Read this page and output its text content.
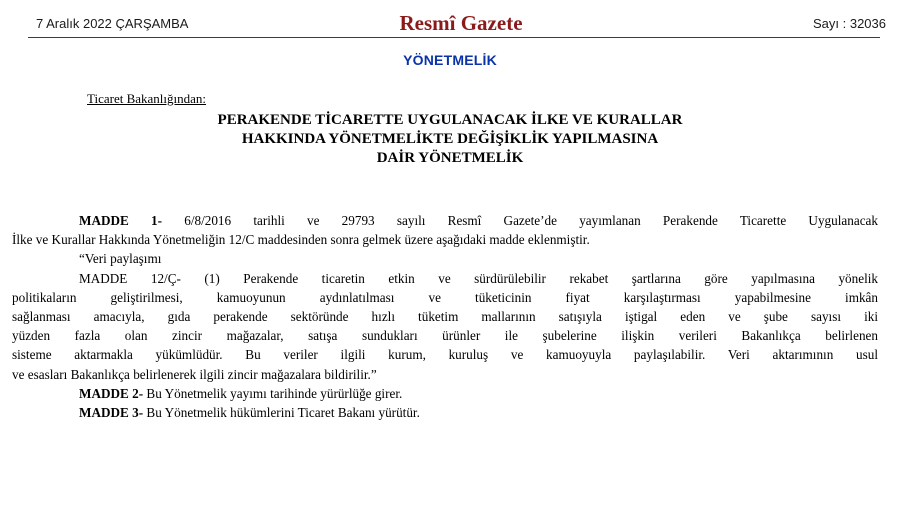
7 Aralık 2022 ÇARŞAMBA	Resmî Gazete	Sayı : 32036
YÖNETMELİK
Ticaret Bakanlığından:
PERAKENDE TİCARETTE UYGULANACAK İLKE VE KURALLAR
HAKKINDA YÖNETMELİKTE DEĞİŞİKLİK YAPILMASINA
DAİR YÖNETMELİK
MADDE 1- 6/8/2016 tarihli ve 29793 sayılı Resmî Gazete’de yayımlanan Perakende Ticarette Uygulanacak
İlke ve Kurallar Hakkında Yönetmeliğin 12/C maddesinden sonra gelmek üzere aşağıdaki madde eklenmiştir.
“Veri paylaşımı
MADDE 12/Ç- (1) Perakende ticaretin etkin ve sürdürülebilir rekabet şartlarına göre yapılmasına yönelik
politikaların geliştirilmesi, kamuoyunun aydınlatılması ve tüketicinin fiyat karşılaştırması yapabilmesine imkân
sağlanması amacıyla, gıda perakende sektöründe hızlı tüketim mallarının satışıyla iştigal eden ve şube sayısı iki
yüzden fazla olan zincir mağazalar, satışa sundukları ürünler ile şubelerine ilişkin verileri Bakanlıkça belirlenen
sisteme aktarmakla yükümlüdür. Bu veriler ilgili kurum, kuruluş ve kamuoyuyla paylaşılabilir. Veri aktarımının usul
ve esasları Bakanlıkça belirlenerek ilgili zincir mağazalara bildirilir.”
MADDE 2- Bu Yönetmelik yayımı tarihinde yürürlüğe girer.
MADDE 3- Bu Yönetmelik hükümlerini Ticaret Bakanı yürütür.
